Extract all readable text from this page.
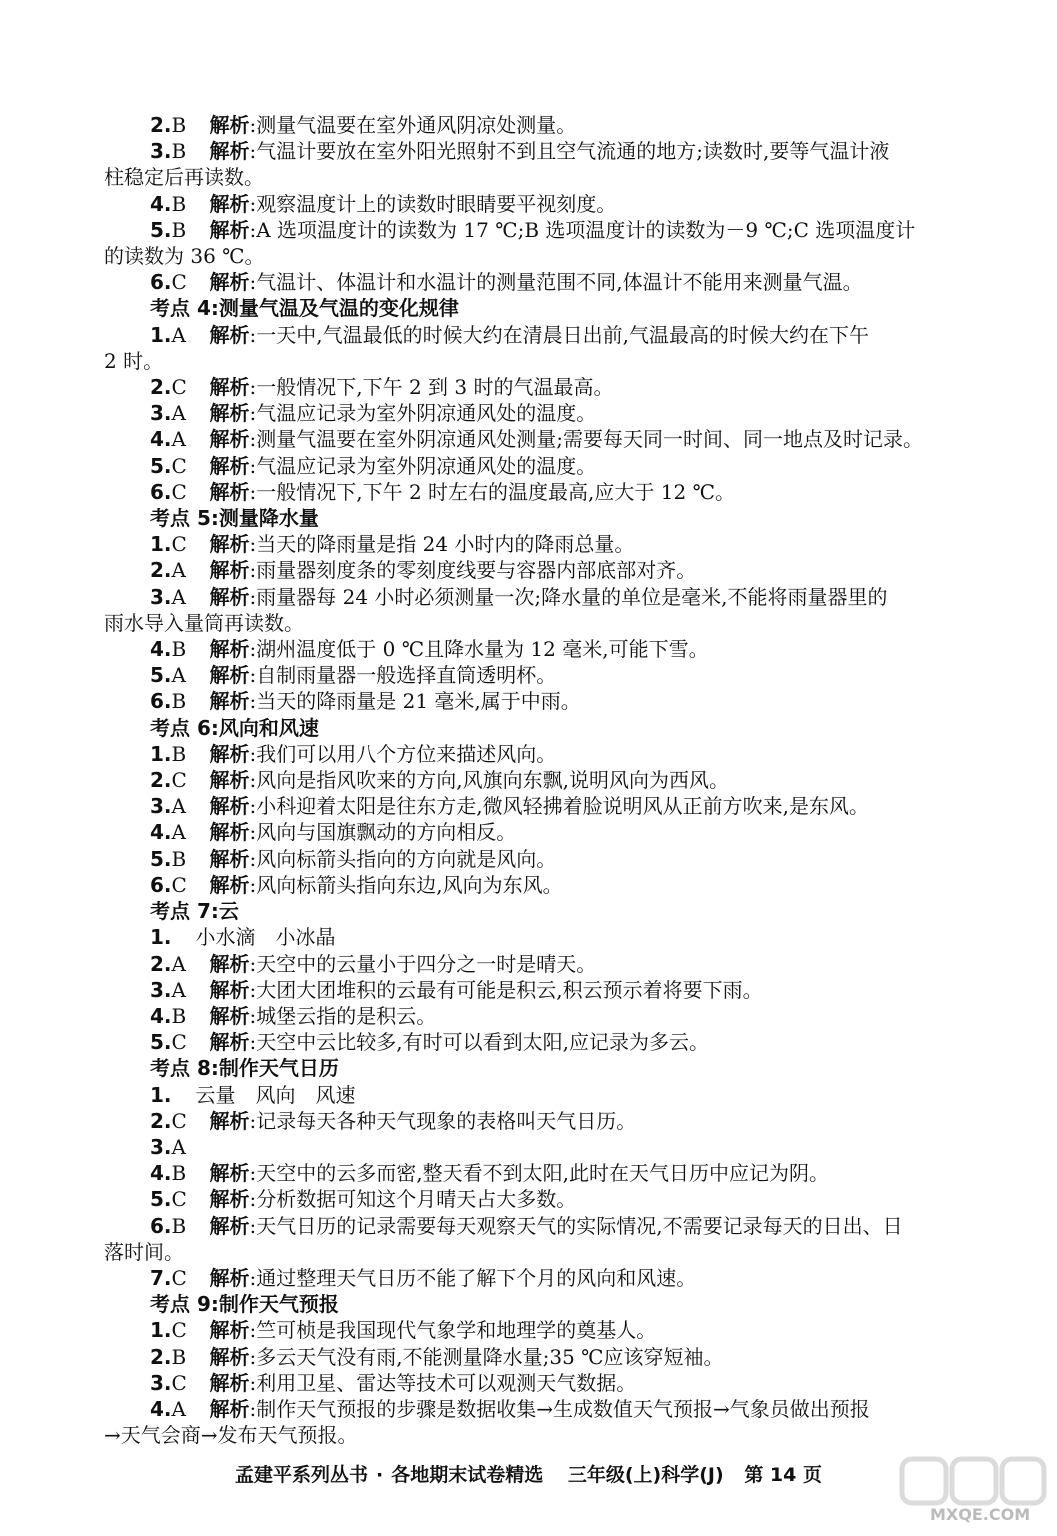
2.B 解析:测量气温要在室外通风阴凉处测量。
3.B 解析:气温计要放在室外阳光照射不到且空气流通的地方;读数时,要等气温计液
柱稳定后再读数。
4.B 解析:观察温度计上的读数时眼睛要平视刻度。
5.B 解析:A 选项温度计的读数为 17 ℃;B 选项温度计的读数为－9 ℃;C 选项温度计
的读数为 36 ℃。
6.C 解析:气温计、体温计和水温计的测量范围不同,体温计不能用来测量气温。
考点 4:测量气温及气温的变化规律
1.A 解析:一天中,气温最低的时候大约在清晨日出前,气温最高的时候大约在下午
2 时。
2.C 解析:一般情况下,下午 2 到 3 时的气温最高。
3.A 解析:气温应记录为室外阴凉通风处的温度。
4.A 解析:测量气温要在室外阴凉通风处测量;需要每天同一时间、同一地点及时记录。
5.C 解析:气温应记录为室外阴凉通风处的温度。
6.C 解析:一般情况下,下午 2 时左右的温度最高,应大于 12 ℃。
考点 5:测量降水量
1.C 解析:当天的降雨量是指 24 小时内的降雨总量。
2.A 解析:雨量器刻度条的零刻度线要与容器内部底部对齐。
3.A 解析:雨量器每 24 小时必须测量一次;降水量的单位是毫米,不能将雨量器里的
雨水导入量筒再读数。
4.B 解析:湖州温度低于 0 ℃且降水量为 12 毫米,可能下雪。
5.A 解析:自制雨量器一般选择直筒透明杯。
6.B 解析:当天的降雨量是 21 毫米,属于中雨。
考点 6:风向和风速
1.B 解析:我们可以用八个方位来描述风向。
2.C 解析:风向是指风吹来的方向,风旗向东飘,说明风向为西风。
3.A 解析:小科迎着太阳是往东方走,微风轻拂着脸说明风从正前方吹来,是东风。
4.A 解析:风向与国旗飘动的方向相反。
5.B 解析:风向标箭头指向的方向就是风向。
6.C 解析:风向标箭头指向东边,风向为东风。
考点 7:云
1. 小水滴　小冰晶
2.A 解析:天空中的云量小于四分之一时是晴天。
3.A 解析:大团大团堆积的云最有可能是积云,积云预示着将要下雨。
4.B 解析:城堡云指的是积云。
5.C 解析:天空中云比较多,有时可以看到太阳,应记录为多云。
考点 8:制作天气日历
1. 云量　风向　风速
2.C 解析:记录每天各种天气现象的表格叫天气日历。
3.A
4.B 解析:天空中的云多而密,整天看不到太阳,此时在天气日历中应记为阴。
5.C 解析:分析数据可知这个月晴天占大多数。
6.B 解析:天气日历的记录需要每天观察天气的实际情况,不需要记录每天的日出、日
落时间。
7.C 解析:通过整理天气日历不能了解下个月的风向和风速。
考点 9:制作天气预报
1.C 解析:竺可桢是我国现代气象学和地理学的奠基人。
2.B 解析:多云天气没有雨,不能测量降水量;35 ℃应该穿短袖。
3.C 解析:利用卫星、雷达等技术可以观测天气数据。
4.A 解析:制作天气预报的步骤是数据收集→生成数值天气预报→气象员做出预报
→天气会商→发布天气预报。
孟建平系列丛书 · 各地期末试卷精选 三年级(上)科学(J) 第 14 页
MXQE.COM
